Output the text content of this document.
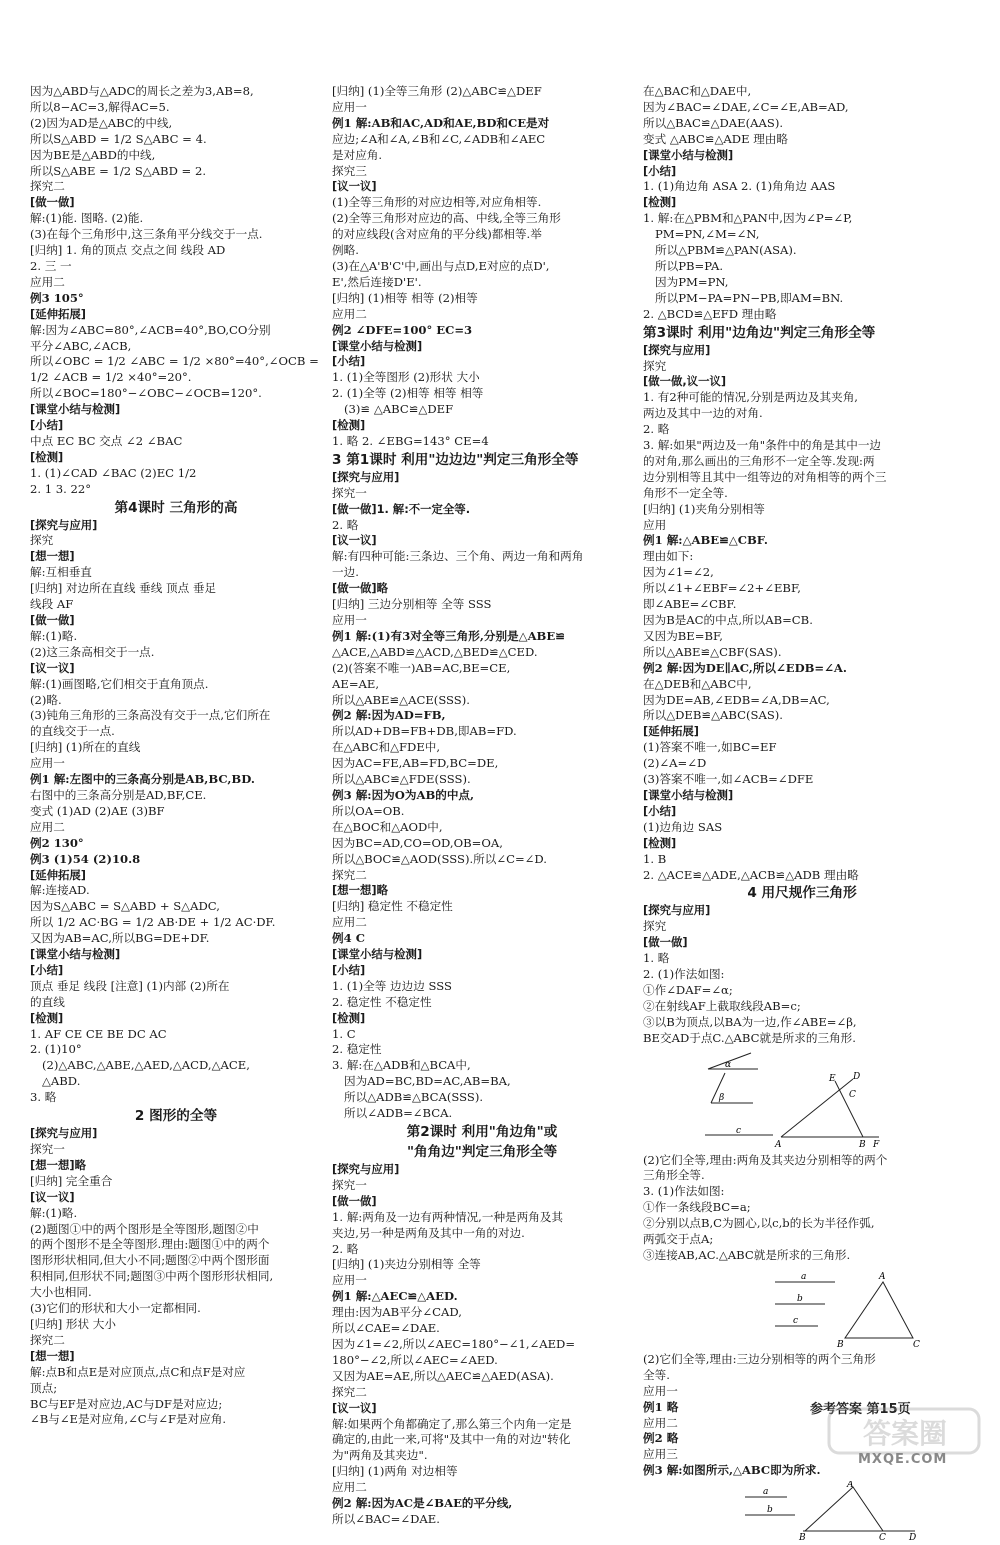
因为△ABD与△ADC的周长之差为3,AB=8,
所以8−AC=3,解得AC=5.
(2)因为AD是△ABC的中线,
所以S△ABD = 1/2 S△ABC = 4.
因为BE是△ABD的中线,
所以S△ABE = 1/2 S△ABD = 2.
探究二
[做一做]
解:(1)能. 图略. (2)能.
(3)在每个三角形中,这三条角平分线交于一点.
[归纳] 1. 角的顶点 交点之间 线段 AD
2. 三 一
应用二
例3 105°
[延伸拓展]
解:因为∠ABC=80°,∠ACB=40°,BO,CO分别
平分∠ABC,∠ACB,
所以∠OBC = 1/2 ∠ABC = 1/2 ×80°=40°,∠OCB =
1/2 ∠ACB = 1/2 ×40°=20°.
所以∠BOC=180°−∠OBC−∠OCB=120°.
[课堂小结与检测]
[小结]
中点 EC BC 交点 ∠2 ∠BAC
[检测]
1. (1)∠CAD ∠BAC (2)EC 1/2
2. 1 3. 22°
第4课时 三角形的高
[探究与应用]
探究
[想一想]
解:互相垂直
[归纳] 对边所在直线 垂线 顶点 垂足
线段 AF
[做一做]
解:(1)略.
(2)这三条高相交于一点.
[议一议]
解:(1)画图略,它们相交于直角顶点.
(2)略.
(3)钝角三角形的三条高没有交于一点,它们所在
的直线交于一点.
[归纳] (1)所在的直线
应用一
例1 解:左图中的三条高分别是AB,BC,BD.
右图中的三条高分别是AD,BF,CE.
变式 (1)AD (2)AE (3)BF
应用二
例2 130°
例3 (1)54 (2)10.8
[延伸拓展]
解:连接AD.
因为S△ABC = S△ABD + S△ADC,
所以 1/2 AC·BG = 1/2 AB·DE + 1/2 AC·DF.
又因为AB=AC,所以BG=DE+DF.
[课堂小结与检测]
[小结]
顶点 垂足 线段 [注意] (1)内部 (2)所在
的直线
[检测]
1. AF CE CE BE DC AC
2. (1)10°
(2)△ABC,△ABE,△AED,△ACD,△ACE,
△ABD.
3. 略
2 图形的全等
[探究与应用]
探究一
[想一想]略
[归纳] 完全重合
[议一议]
解:(1)略.
(2)题图①中的两个图形是全等图形,题图②中
的两个图形不是全等图形.理由:题图①中的两个
图形形状相同,但大小不同;题图②中两个图形面
积相同,但形状不同;题图③中两个图形形状相同,
大小也相同.
(3)它们的形状和大小一定都相同.
[归纳] 形状 大小
探究二
[想一想]
解:点B和点E是对应顶点,点C和点F是对应
顶点;
BC与EF是对应边,AC与DF是对应边;
∠B与∠E是对应角,∠C与∠F是对应角.
[归纳] (1)全等三角形 (2)△ABC≌△DEF
应用一
例1 解:AB和AC,AD和AE,BD和CE是对
应边;∠A和∠A,∠B和∠C,∠ADB和∠AEC
是对应角.
探究三
[议一议]
(1)全等三角形的对应边相等,对应角相等.
(2)全等三角形对应边的高、中线,全等三角形
的对应线段(含对应角的平分线)都相等.举
例略.
(3)在△A'B'C'中,画出与点D,E对应的点D',
E',然后连接D'E'.
[归纳] (1)相等 相等 (2)相等
应用二
例2 ∠DFE=100° EC=3
[课堂小结与检测]
[小结]
1. (1)全等图形 (2)形状 大小
2. (1)全等 (2)相等 相等 相等
(3)≌ △ABC≌△DEF
[检测]
1. 略 2. ∠EBG=143° CE=4
3 第1课时 利用"边边边"判定三角形全等
[探究与应用]
探究一
[做一做]1. 解:不一定全等.
2. 略
[议一议]
解:有四种可能:三条边、三个角、两边一角和两角
一边.
[做一做]略
[归纳] 三边分别相等 全等 SSS
应用一
例1 解:(1)有3对全等三角形,分别是△ABE≌
△ACE,△ABD≌△ACD,△BED≌△CED.
(2)(答案不唯一)AB=AC,BE=CE,
AE=AE,
所以△ABE≌△ACE(SSS).
例2 解:因为AD=FB,
所以AD+DB=FB+DB,即AB=FD.
在△ABC和△FDE中,
因为AC=FE,AB=FD,BC=DE,
所以△ABC≌△FDE(SSS).
例3 解:因为O为AB的中点,
所以OA=OB.
在△BOC和△AOD中,
因为BC=AD,CO=OD,OB=OA,
所以△BOC≌△AOD(SSS).所以∠C=∠D.
探究二
[想一想]略
[归纳] 稳定性 不稳定性
应用二
例4 C
[课堂小结与检测]
[小结]
1. (1)全等 边边边 SSS
2. 稳定性 不稳定性
[检测]
1. C
2. 稳定性
3. 解:在△ADB和△BCA中,
因为AD=BC,BD=AC,AB=BA,
所以△ADB≌△BCA(SSS).
所以∠ADB=∠BCA.
第2课时 利用"角边角"或
"角角边"判定三角形全等
[探究与应用]
探究一
[做一做]
1. 解:两角及一边有两种情况,一种是两角及其
夹边,另一种是两角及其中一角的对边.
2. 略
[归纳] (1)夹边分别相等 全等
应用一
例1 解:△AEC≌△AED.
理由:因为AB平分∠CAD,
所以∠CAE=∠DAE.
因为∠1=∠2,所以∠AEC=180°−∠1,∠AED=
180°−∠2,所以∠AEC=∠AED.
又因为AE=AE,所以△AEC≌△AED(ASA).
探究二
[议一议]
解:如果两个角都确定了,那么第三个内角一定是
确定的,由此一来,可将"及其中一角的对边"转化
为"两角及其夹边".
[归纳] (1)两角 对边相等
应用二
例2 解:因为AC是∠BAE的平分线,
所以∠BAC=∠DAE.
在△BAC和△DAE中,
因为∠BAC=∠DAE,∠C=∠E,AB=AD,
所以△BAC≌△DAE(AAS).
变式 △ABC≌△ADE 理由略
[课堂小结与检测]
[小结]
1. (1)角边角 ASA 2. (1)角角边 AAS
[检测]
1. 解:在△PBM和△PAN中,因为∠P=∠P,
PM=PN,∠M=∠N,
所以△PBM≌△PAN(ASA).
所以PB=PA.
因为PM=PN,
所以PM−PA=PN−PB,即AM=BN.
2. △BCD≌△EFD 理由略
第3课时 利用"边角边"判定三角形全等
[探究与应用]
探究
[做一做,议一议]
1. 有2种可能的情况,分别是两边及其夹角,
两边及其中一边的对角.
2. 略
3. 解:如果"两边及一角"条件中的角是其中一边
的对角,那么画出的三角形不一定全等.发现:两
边分别相等且其中一组等边的对角相等的两个三
角形不一定全等.
[归纳] (1)夹角分别相等
应用
例1 解:△ABE≌△CBF.
理由如下:
因为∠1=∠2,
所以∠1+∠EBF=∠2+∠EBF,
即∠ABE=∠CBF.
因为B是AC的中点,所以AB=CB.
又因为BE=BF,
所以△ABE≌△CBF(SAS).
例2 解:因为DE∥AC,所以∠EDB=∠A.
在△DEB和△ABC中,
因为DE=AB,∠EDB=∠A,DB=AC,
所以△DEB≌△ABC(SAS).
[延伸拓展]
(1)答案不唯一,如BC=EF
(2)∠A=∠D
(3)答案不唯一,如∠ACB=∠DFE
[课堂小结与检测]
[小结]
(1)边角边 SAS
[检测]
1. B
2. △ACE≌△ADE,△ACB≌△ADB 理由略
4 用尺规作三角形
[探究与应用]
探究
[做一做]
1. 略
2. (1)作法如图:
①作∠DAF=∠α;
②在射线AF上截取线段AB=c;
③以B为顶点,以BA为一边,作∠ABE=∠β,
BE交AD于点C.△ABC就是所求的三角形.
α
β
c
A	B F
D
E
C
(2)它们全等,理由:两角及其夹边分别相等的两个
三角形全等.
3. (1)作法如图:
①作一条线段BC=a;
②分别以点B,C为圆心,以c,b的长为半径作弧,
两弧交于点A;
③连接AB,AC.△ABC就是所求的三角形.
a
b
c
A
B	C
(2)它们全等,理由:三边分别相等的两个三角形
全等.
应用一
例1 略
应用二
例2 略
应用三
例3 解:如图所示,△ABC即为所求.
a
b
A
B	C	D
参考答案 第15页
答案圈
MXQE.COM
